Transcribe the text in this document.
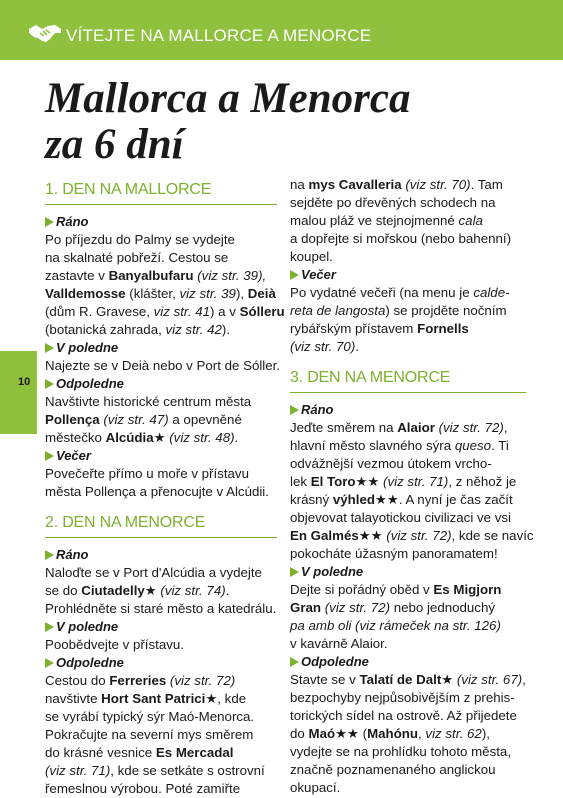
VÍTEJTE NA MALLORCE A MENORCE
10
Mallorca a Menorca
za 6 dní
1. DEN NA MALLORCE
Ráno
Po příjezdu do Palmy se vydejte
na skalnaté pobřeží. Cestou se
zastavte v Banyalbufaru (viz str. 39),
Valldemosse (klášter, viz str. 39), Deià
(dům R. Gravese, viz str. 41) a v Sólleru
(botanická zahrada, viz str. 42).
V poledne
Najezte se v Deià nebo v Port de Sóller.
Odpoledne
Navštivte historické centrum města
Pollença (viz str. 47) a opevněné
městečko Alcúdia★ (viz str. 48).
Večer
Povečeřte přímo u moře v přístavu
města Pollença a přenocujte v Alcúdii.
2. DEN NA MENORCE
Ráno
Naloďte se v Port d'Alcúdia a vydejte
se do Ciutadelly★ (viz str. 74).
Prohlédněte si staré město a katedrálu.
V poledne
Poobědvejte v přístavu.
Odpoledne
Cestou do Ferreries (viz str. 72)
navštivte Hort Sant Patrici★, kde
se vyrábí typický sýr Maó-Menorca.
Pokračujte na severní mys směrem
do krásné vesnice Es Mercadal
(viz str. 71), kde se setkáte s ostrovní
řemeslnou výrobou. Poté zamiřte
na mys Cavalleria (viz str. 70). Tam
sejděte po dřevěných schodech na
malou pláž ve stejnojmenné cala
a dopřejte si mořskou (nebo bahenní)
koupel.
Večer
Po vydatné večeři (na menu je calde-
reta de langosta) se projděte nočním
rybářským přístavem Fornells
(viz str. 70).
3. DEN NA MENORCE
Ráno
Jeďte směrem na Alaior (viz str. 72),
hlavní město slavného sýra queso. Ti
odvážnější vezmou útokem vrcho-
lek El Toro★★ (viz str. 71), z něhož je
krásný výhled★★. A nyní je čas začít
objevovat talayotickou civilizaci ve vsi
En Galmés★★ (viz str. 72), kde se navíc
pokocháte úžasným panoramatem!
V poledne
Dejte si pořádný oběd v Es Migjorn
Gran (viz str. 72) nebo jednoduchý
pa amb oli (viz rámeček na str. 126)
v kavárně Alaior.
Odpoledne
Stavte se v Talatí de Dalt★ (viz str. 67),
bezpochyby nejpůsobivějším z prehis-
torických sídel na ostrově. Až přijedete
do Maó★★ (Mahónu, viz str. 62),
vydejte se na prohlídku tohoto města,
značně poznamenaného anglickou
okupací.
